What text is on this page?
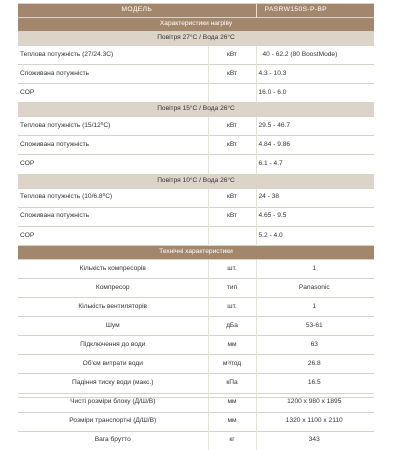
МОДЕЛЬ		PASRW150S-P-BP
Характеристики нагріву		
Повітря 27°C / Вода 26°C		
Теплова потужність (27/24.3С)	кВт	40 - 62.2 (80 BoostMode)
Споживана потужність	кВт	4.3 - 10.3
COP		16.0 - 6.0
Повітря 15°C / Вода 26°C		
Теплова потужність (15/12⁰С)	кВт	29.5 - 46.7
Споживана потужність	кВт	4.84 - 9.86
COP		6.1 - 4.7
Повітря 10°C / Вода 26°C		
Теплова потужність (10/6.8⁰С)	кВт	24 - 38
Споживана потужність	кВт	4.65 - 9.5
COP		5.2 - 4.0
Технічні характеристики		
Кількість компресорів	шт.	1
Компресор	тип	Panasonic
Кількість вентиляторів	шт.	1
Шум	дБа	53-61
Підключення до води	мм	63
Об'єм витрати води	м³/год	26.8
Падіння тиску води (макс.)	кПа	16.5
Чисті розміри блоку (Д/Ш/В)	мм	1200 х 980 х 1895
Розміри транспортні (Д/Ш/В)	мм	1320 х 1100 х 2110
Вага брутто	кг	343
